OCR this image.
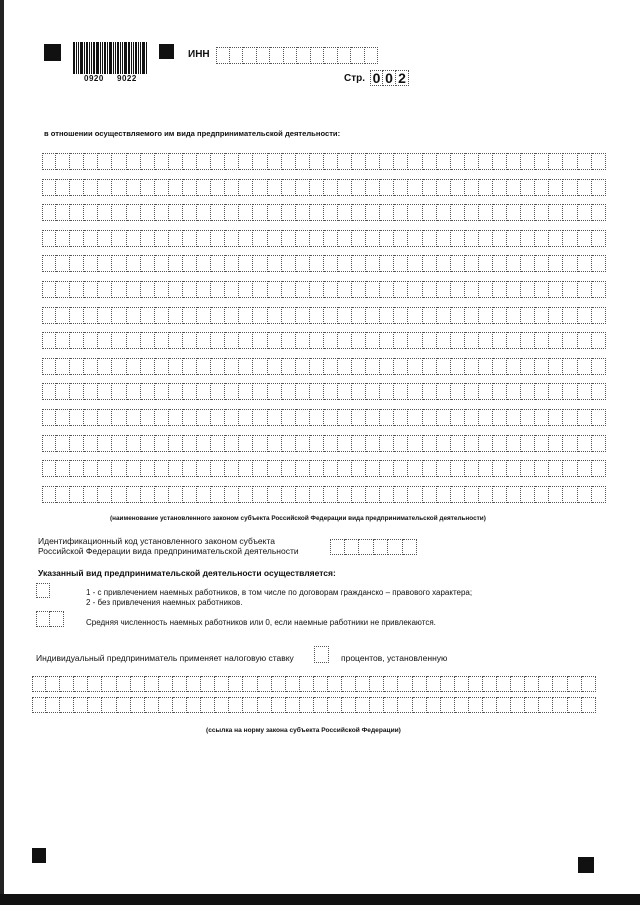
0920 9022
ИНН
Стр. 0 0 2
в отношении осуществляемого им вида предпринимательской деятельности:
(наименование установленного законом субъекта Российской Федерации вида предпринимательской деятельности)
Идентификационный код установленного законом субъекта
Российской Федерации вида предпринимательской деятельности
Указанный вид предпринимательской деятельности осуществляется:
1 - с привлечением наемных работников, в том числе по договорам гражданско – правового характера;
2 - без привлечения наемных работников.
Средняя численность наемных работников или 0, если наемные работники не привлекаются.
Индивидуальный предприниматель применяет налоговую ставку	процентов, установленную
(ссылка на норму закона субъекта Российской Федерации)
